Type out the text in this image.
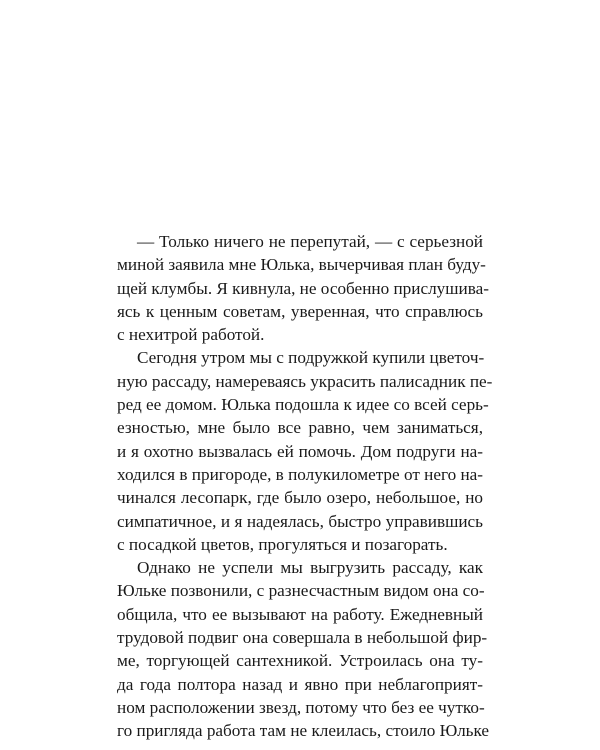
— Только ничего не перепутай, — с серьезной
миной заявила мне Юлька, вычерчивая план буду-
щей клумбы. Я кивнула, не особенно прислушива-
ясь к ценным советам, уверенная, что справлюсь
с нехитрой работой.
Сегодня утром мы с подружкой купили цветоч-
ную рассаду, намереваясь украсить палисадник пе-
ред ее домом. Юлька подошла к идее со всей серь-
езностью, мне было все равно, чем заниматься,
и я охотно вызвалась ей помочь. Дом подруги на-
ходился в пригороде, в полукилометре от него на-
чинался лесопарк, где было озеро, небольшое, но
симпатичное, и я надеялась, быстро управившись
с посадкой цветов, прогуляться и позагорать.
Однако не успели мы выгрузить рассаду, как
Юльке позвонили, с разнесчастным видом она со-
общила, что ее вызывают на работу. Ежедневный
трудовой подвиг она совершала в небольшой фир-
ме, торгующей сантехникой. Устроилась она ту-
да года полтора назад и явно при неблагоприят-
ном расположении звезд, потому что без ее чутко-
го пригляда работа там не клеилась, стоило Юльке
